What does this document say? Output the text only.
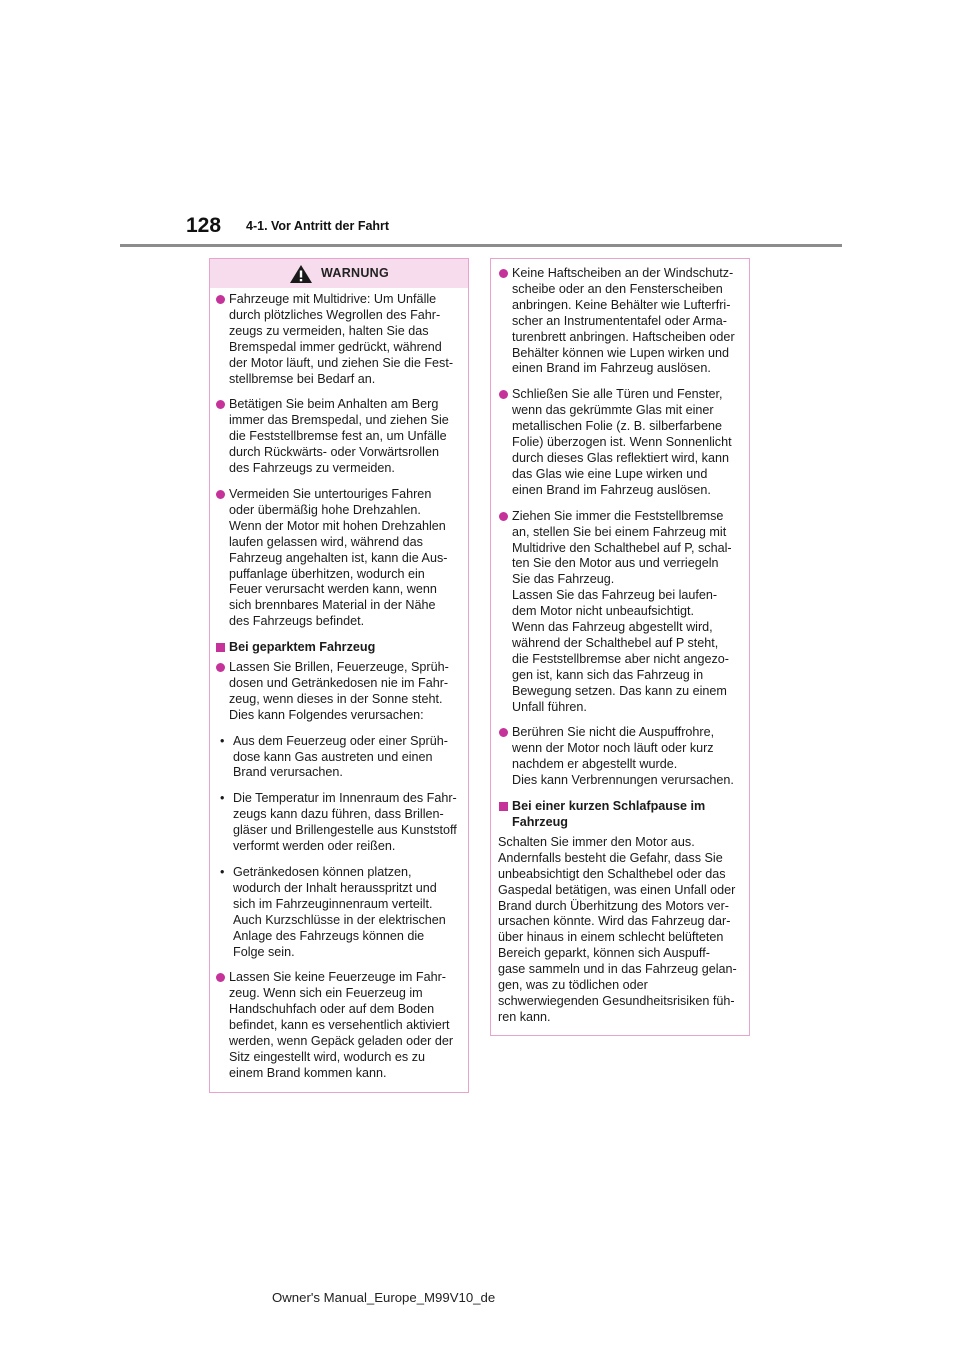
128 4-1. Vor Antritt der Fahrt
WARNUNG
Fahrzeuge mit Multidrive: Um Unfälle
durch plötzliches Wegrollen des Fahr-
zeugs zu vermeiden, halten Sie das
Bremspedal immer gedrückt, während
der Motor läuft, und ziehen Sie die Fest-
stellbremse bei Bedarf an.
Betätigen Sie beim Anhalten am Berg
immer das Bremspedal, und ziehen Sie
die Feststellbremse fest an, um Unfälle
durch Rückwärts- oder Vorwärtsrollen
des Fahrzeugs zu vermeiden.
Vermeiden Sie untertouriges Fahren
oder übermäßig hohe Drehzahlen.
Wenn der Motor mit hohen Drehzahlen
laufen gelassen wird, während das
Fahrzeug angehalten ist, kann die Aus-
puffanlage überhitzen, wodurch ein
Feuer verursacht werden kann, wenn
sich brennbares Material in der Nähe
des Fahrzeugs befindet.
Bei geparktem Fahrzeug
Lassen Sie Brillen, Feuerzeuge, Sprüh-
dosen und Getränkedosen nie im Fahr-
zeug, wenn dieses in der Sonne steht.
Dies kann Folgendes verursachen:
• Aus dem Feuerzeug oder einer Sprüh-
dose kann Gas austreten und einen
Brand verursachen.
• Die Temperatur im Innenraum des Fahr-
zeugs kann dazu führen, dass Brillen-
gläser und Brillengestelle aus Kunststoff
verformt werden oder reißen.
• Getränkedosen können platzen,
wodurch der Inhalt herausspritzt und
sich im Fahrzeuginnenraum verteilt.
Auch Kurzschlüsse in der elektrischen
Anlage des Fahrzeugs können die
Folge sein.
Lassen Sie keine Feuerzeuge im Fahr-
zeug. Wenn sich ein Feuerzeug im
Handschuhfach oder auf dem Boden
befindet, kann es versehentlich aktiviert
werden, wenn Gepäck geladen oder der
Sitz eingestellt wird, wodurch es zu
einem Brand kommen kann.
Keine Haftscheiben an der Windschutz-
scheibe oder an den Fensterscheiben
anbringen. Keine Behälter wie Lufterfri-
scher an Instrumententafel oder Arma-
turenbrett anbringen. Haftscheiben oder
Behälter können wie Lupen wirken und
einen Brand im Fahrzeug auslösen.
Schließen Sie alle Türen und Fenster,
wenn das gekrümmte Glas mit einer
metallischen Folie (z. B. silberfarbene
Folie) überzogen ist. Wenn Sonnenlicht
durch dieses Glas reflektiert wird, kann
das Glas wie eine Lupe wirken und
einen Brand im Fahrzeug auslösen.
Ziehen Sie immer die Feststellbremse
an, stellen Sie bei einem Fahrzeug mit
Multidrive den Schalthebel auf P, schal-
ten Sie den Motor aus und verriegeln
Sie das Fahrzeug.
Lassen Sie das Fahrzeug bei laufen-
dem Motor nicht unbeaufsichtigt.
Wenn das Fahrzeug abgestellt wird,
während der Schalthebel auf P steht,
die Feststellbremse aber nicht angezo-
gen ist, kann sich das Fahrzeug in
Bewegung setzen. Das kann zu einem
Unfall führen.
Berühren Sie nicht die Auspuffrohre,
wenn der Motor noch läuft oder kurz
nachdem er abgestellt wurde.
Dies kann Verbrennungen verursachen.
Bei einer kurzen Schlafpause im
Fahrzeug
Schalten Sie immer den Motor aus.
Andernfalls besteht die Gefahr, dass Sie
unbeabsichtigt den Schalthebel oder das
Gaspedal betätigen, was einen Unfall oder
Brand durch Überhitzung des Motors ver-
ursachen könnte. Wird das Fahrzeug dar-
über hinaus in einem schlecht belüfteten
Bereich geparkt, können sich Auspuff-
gase sammeln und in das Fahrzeug gelan-
gen, was zu tödlichen oder
schwerwiegenden Gesundheitsrisiken füh-
ren kann.
Owner's Manual_Europe_M99V10_de
